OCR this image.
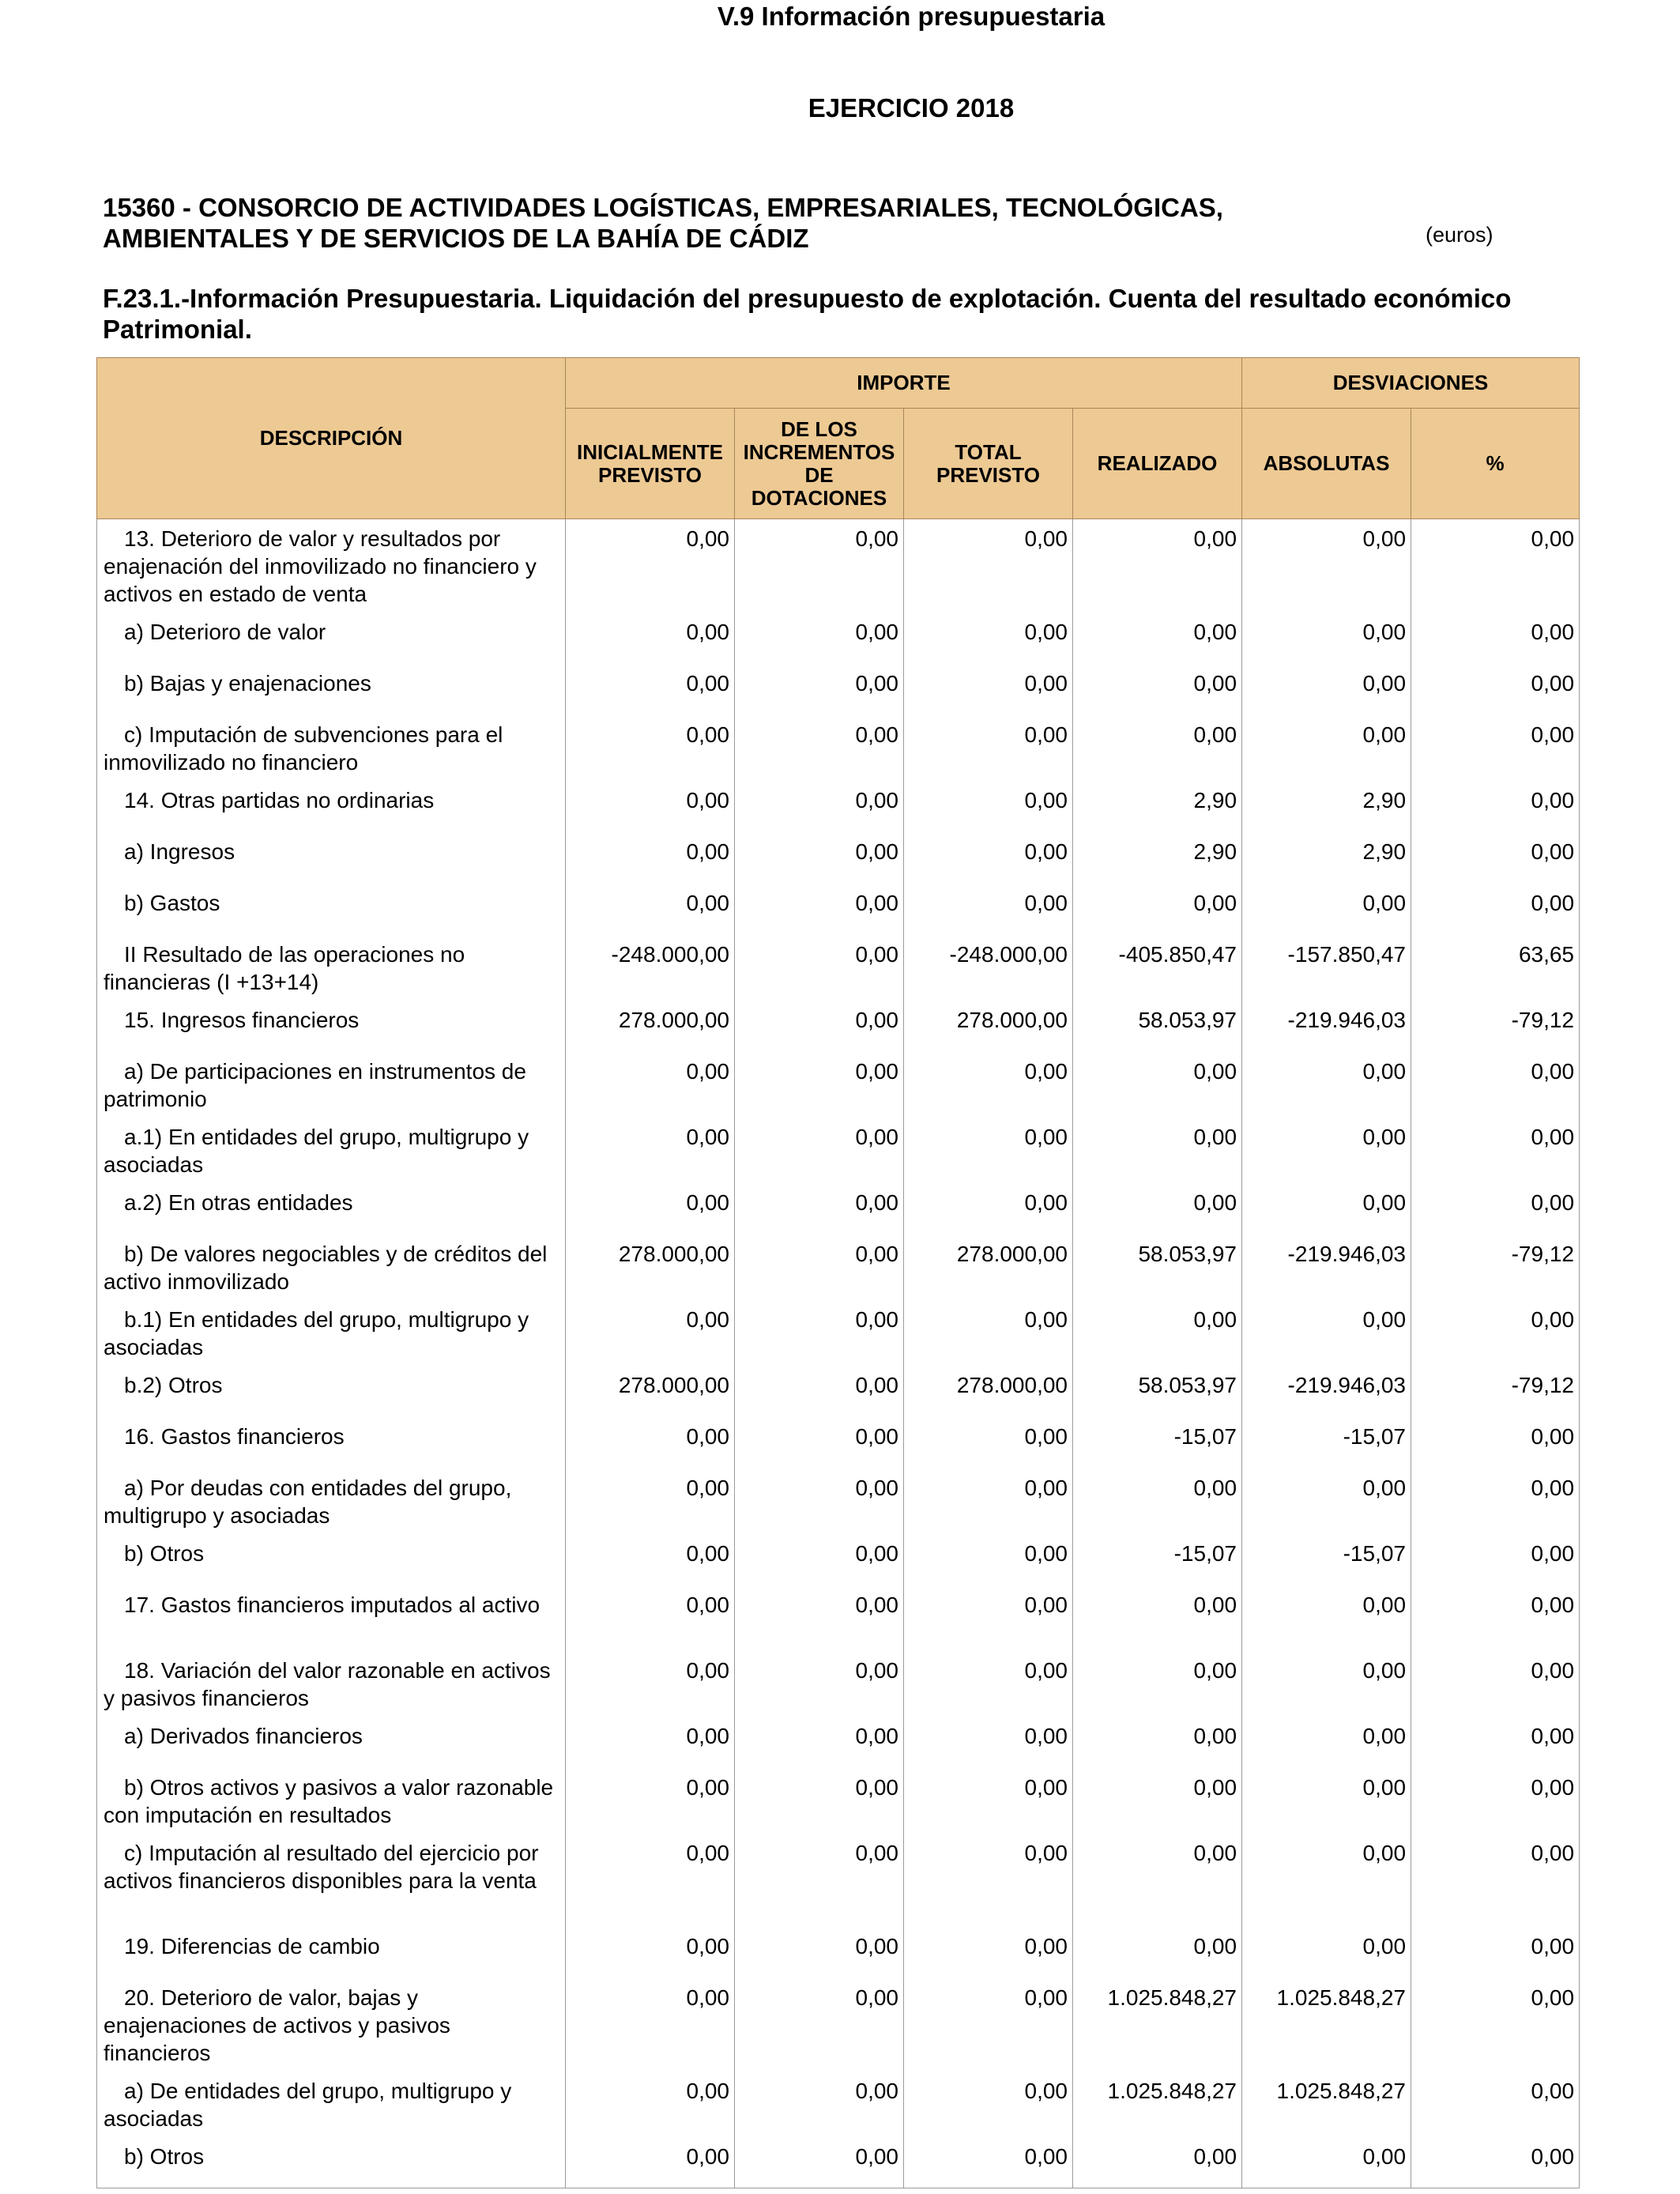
V.9 Información presupuestaria
EJERCICIO 2018
15360 - CONSORCIO DE ACTIVIDADES LOGÍSTICAS, EMPRESARIALES, TECNOLÓGICAS,
AMBIENTALES Y DE SERVICIOS DE LA BAHÍA DE CÁDIZ	(euros)
F.23.1.-Información Presupuestaria. Liquidación del presupuesto de explotación. Cuenta del resultado económico
Patrimonial.
DESCRIPCIÓN	IMPORTE				DESVIACIONES	
	INICIALMENTE PREVISTO	DE LOS INCREMENTOS DE DOTACIONES	TOTAL PREVISTO	REALIZADO	ABSOLUTAS	%
13. Deterioro de valor y resultados por enajenación del inmovilizado no financiero y activos en estado de venta	0,00	0,00	0,00	0,00	0,00	0,00
a) Deterioro de valor	0,00	0,00	0,00	0,00	0,00	0,00
b) Bajas y enajenaciones	0,00	0,00	0,00	0,00	0,00	0,00
c) Imputación de subvenciones para el inmovilizado no financiero	0,00	0,00	0,00	0,00	0,00	0,00
14. Otras partidas no ordinarias	0,00	0,00	0,00	2,90	2,90	0,00
a) Ingresos	0,00	0,00	0,00	2,90	2,90	0,00
b) Gastos	0,00	0,00	0,00	0,00	0,00	0,00
II Resultado de las operaciones no financieras (I +13+14)	-248.000,00	0,00	-248.000,00	-405.850,47	-157.850,47	63,65
15. Ingresos financieros	278.000,00	0,00	278.000,00	58.053,97	-219.946,03	-79,12
a) De participaciones en instrumentos de patrimonio	0,00	0,00	0,00	0,00	0,00	0,00
a.1) En entidades del grupo, multigrupo y asociadas	0,00	0,00	0,00	0,00	0,00	0,00
a.2) En otras entidades	0,00	0,00	0,00	0,00	0,00	0,00
b) De valores negociables y de créditos del activo inmovilizado	278.000,00	0,00	278.000,00	58.053,97	-219.946,03	-79,12
b.1) En entidades del grupo, multigrupo y asociadas	0,00	0,00	0,00	0,00	0,00	0,00
b.2) Otros	278.000,00	0,00	278.000,00	58.053,97	-219.946,03	-79,12
16. Gastos financieros	0,00	0,00	0,00	-15,07	-15,07	0,00
a) Por deudas con entidades del grupo, multigrupo y asociadas	0,00	0,00	0,00	0,00	0,00	0,00
b) Otros	0,00	0,00	0,00	-15,07	-15,07	0,00
17. Gastos financieros imputados al activo	0,00	0,00	0,00	0,00	0,00	0,00
18. Variación del valor razonable en activos y pasivos financieros	0,00	0,00	0,00	0,00	0,00	0,00
a) Derivados financieros	0,00	0,00	0,00	0,00	0,00	0,00
b) Otros activos y pasivos a valor razonable con imputación en resultados	0,00	0,00	0,00	0,00	0,00	0,00
c) Imputación al resultado del ejercicio por activos financieros disponibles para la venta	0,00	0,00	0,00	0,00	0,00	0,00
19. Diferencias de cambio	0,00	0,00	0,00	0,00	0,00	0,00
20. Deterioro de valor, bajas y enajenaciones de activos y pasivos financieros	0,00	0,00	0,00	1.025.848,27	1.025.848,27	0,00
a) De entidades del grupo, multigrupo y asociadas	0,00	0,00	0,00	1.025.848,27	1.025.848,27	0,00
b) Otros	0,00	0,00	0,00	0,00	0,00	0,00
